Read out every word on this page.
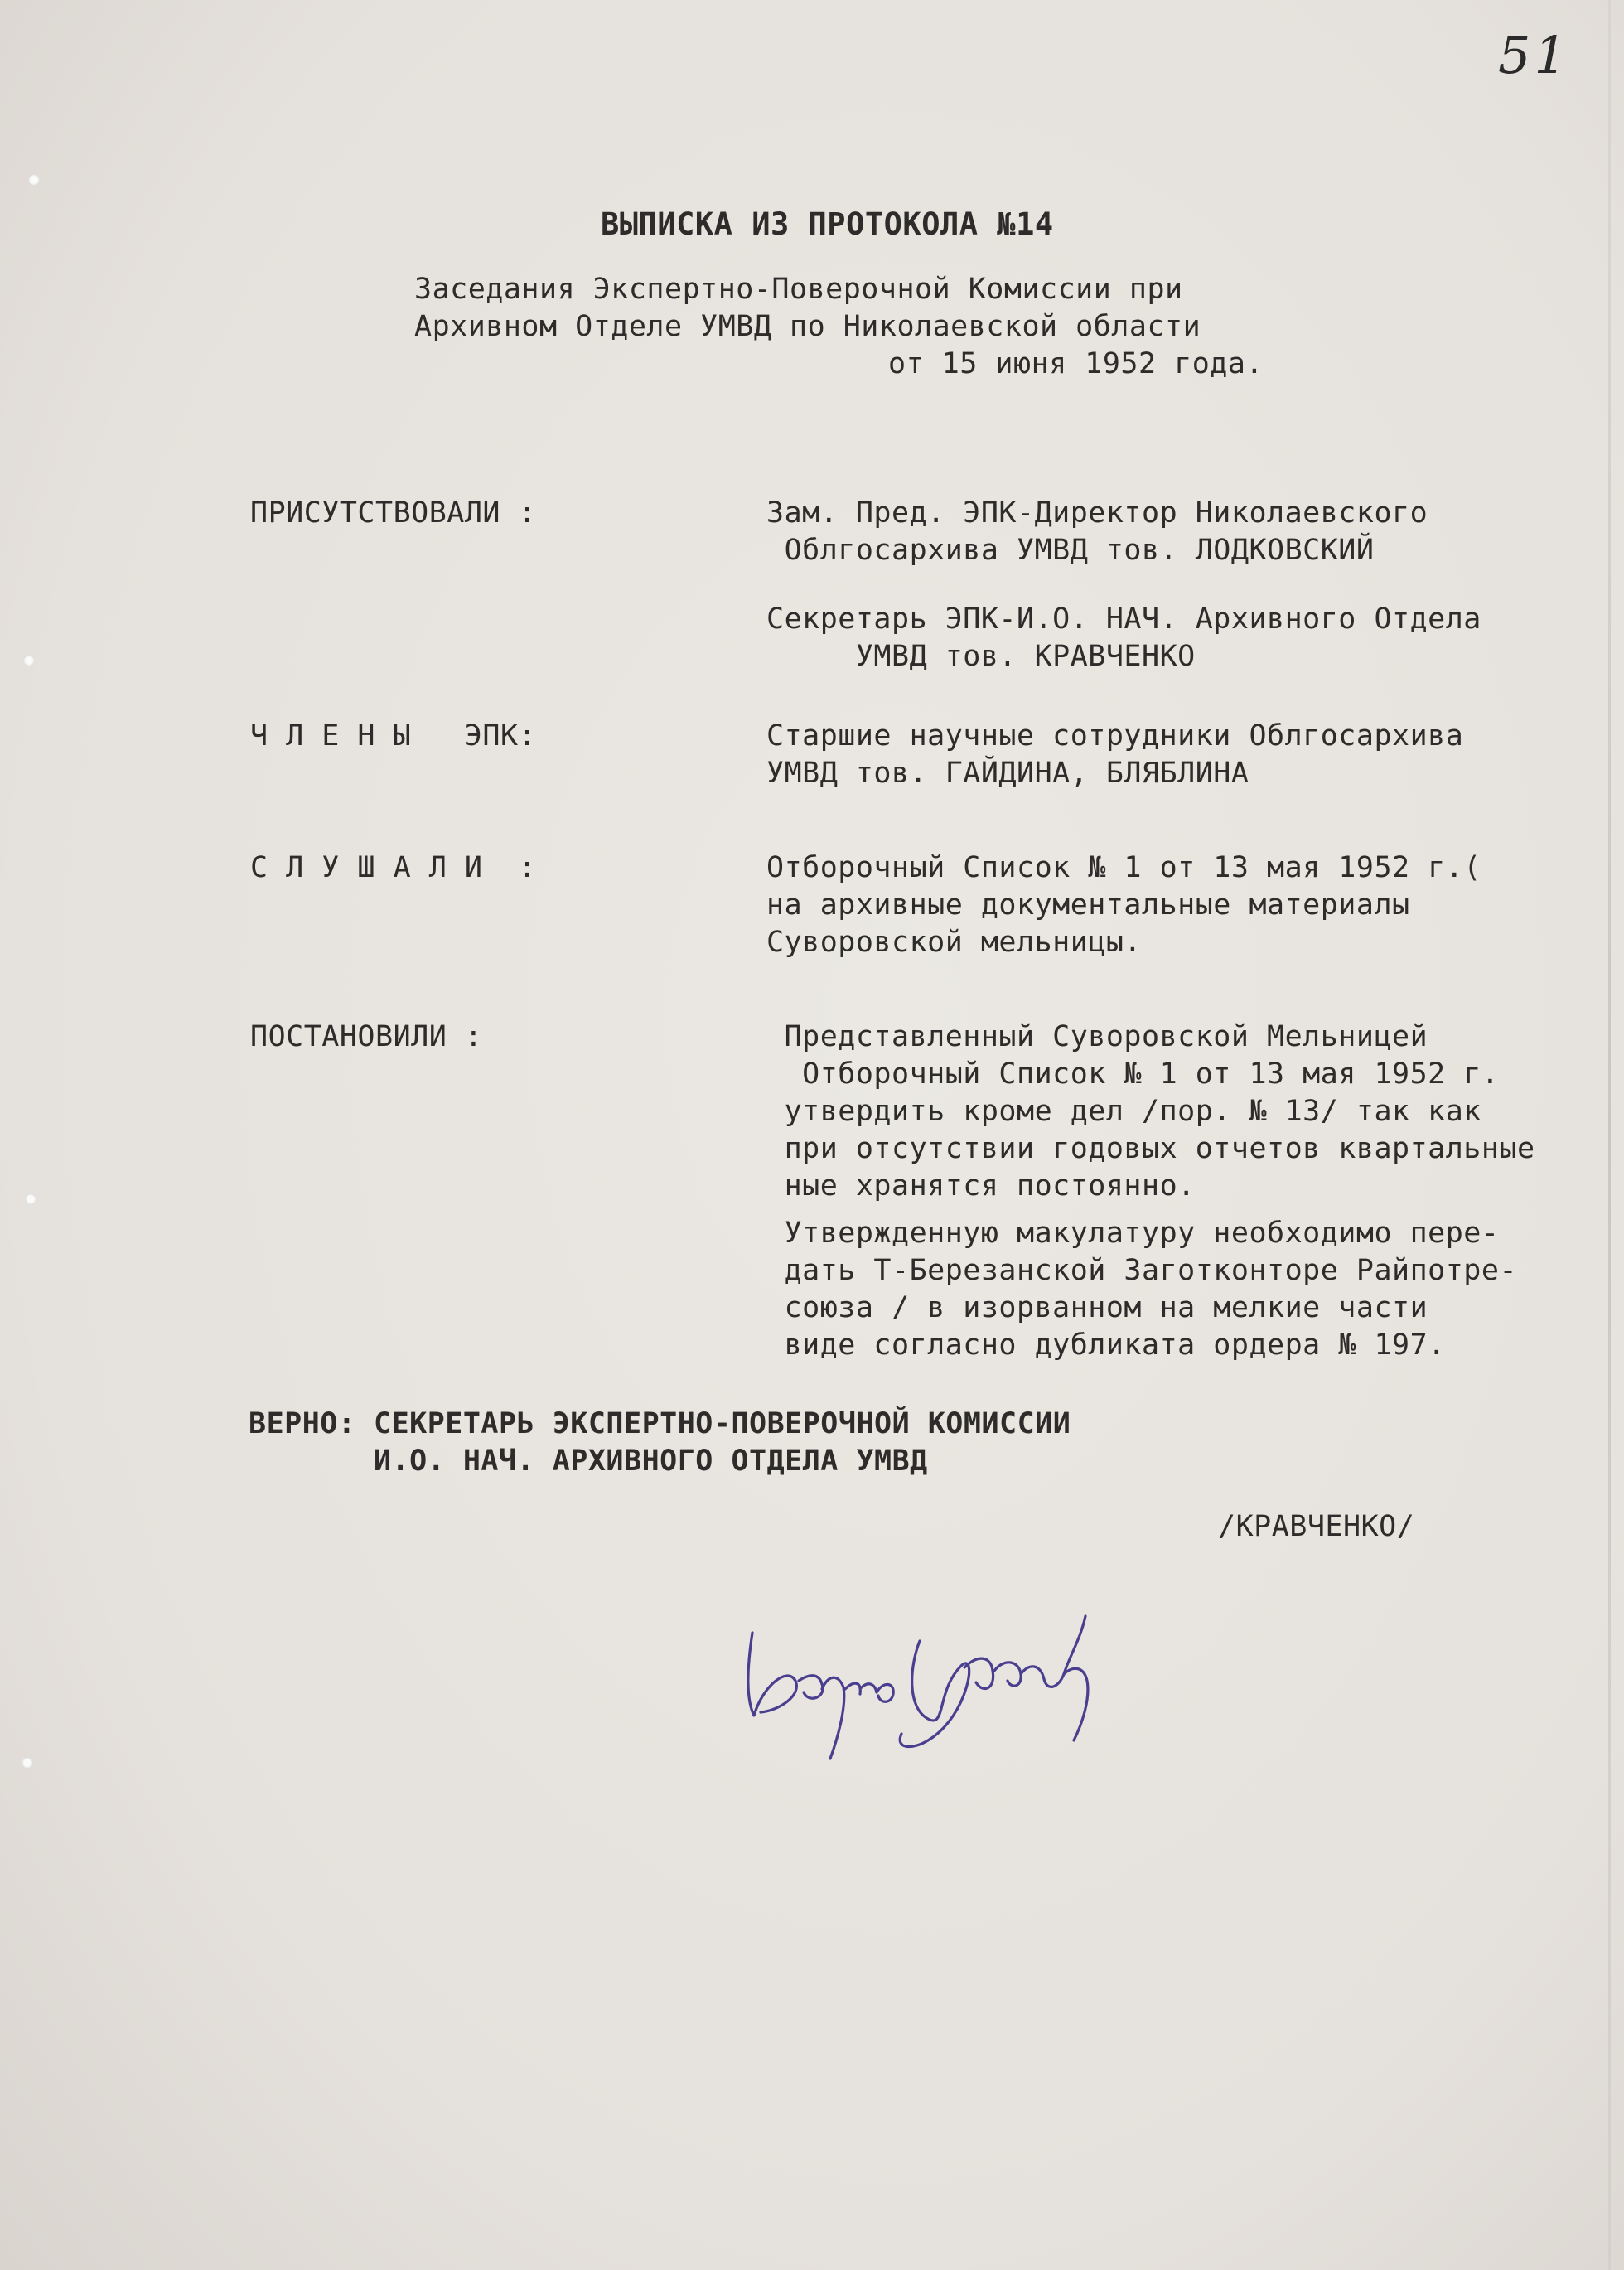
51
ВЫПИСКА ИЗ ПРОТОКОЛА №14
Заседания Экспертно-Поверочной Комиссии при
Архивном Отделе УМВД по Николаевской области
от 15 июня 1952 года.
ПРИСУТСТВОВАЛИ :	Зам. Пред. ЭПК-Директор Николаевского
Облгосархива УМВД тов. ЛОДКОВСКИЙ
Секретарь ЭПК-И.О. НАЧ. Архивного Отдела
УМВД тов. КРАВЧЕНКО
Ч Л Е Н Ы   ЭПК:	Старшие научные сотрудники Облгосархива
УМВД тов. ГАЙДИНА, БЛЯБЛИНА
С Л У Ш А Л И  :	Отборочный Список № 1 от 13 мая 1952 г.(
на архивные документальные материалы
Суворовской мельницы.
ПОСТАНОВИЛИ :	Представленный Суворовской Мельницей
Отборочный Список № 1 от 13 мая 1952 г.
утвердить кроме дел /пор. № 13/ так как
при отсутствии годовых отчетов квартальные
ные хранятся постоянно.
Утвержденную макулатуру необходимо пере-
дать Т-Березанской Заготконторе Райпотре-
союза / в изорванном на мелкие части
виде согласно дубликата ордера № 197.
ВЕРНО: СЕКРЕТАРЬ ЭКСПЕРТНО-ПОВЕРОЧНОЙ КОМИССИИ
И.О. НАЧ. АРХИВНОГО ОТДЕЛА УМВД
/КРАВЧЕНКО/
